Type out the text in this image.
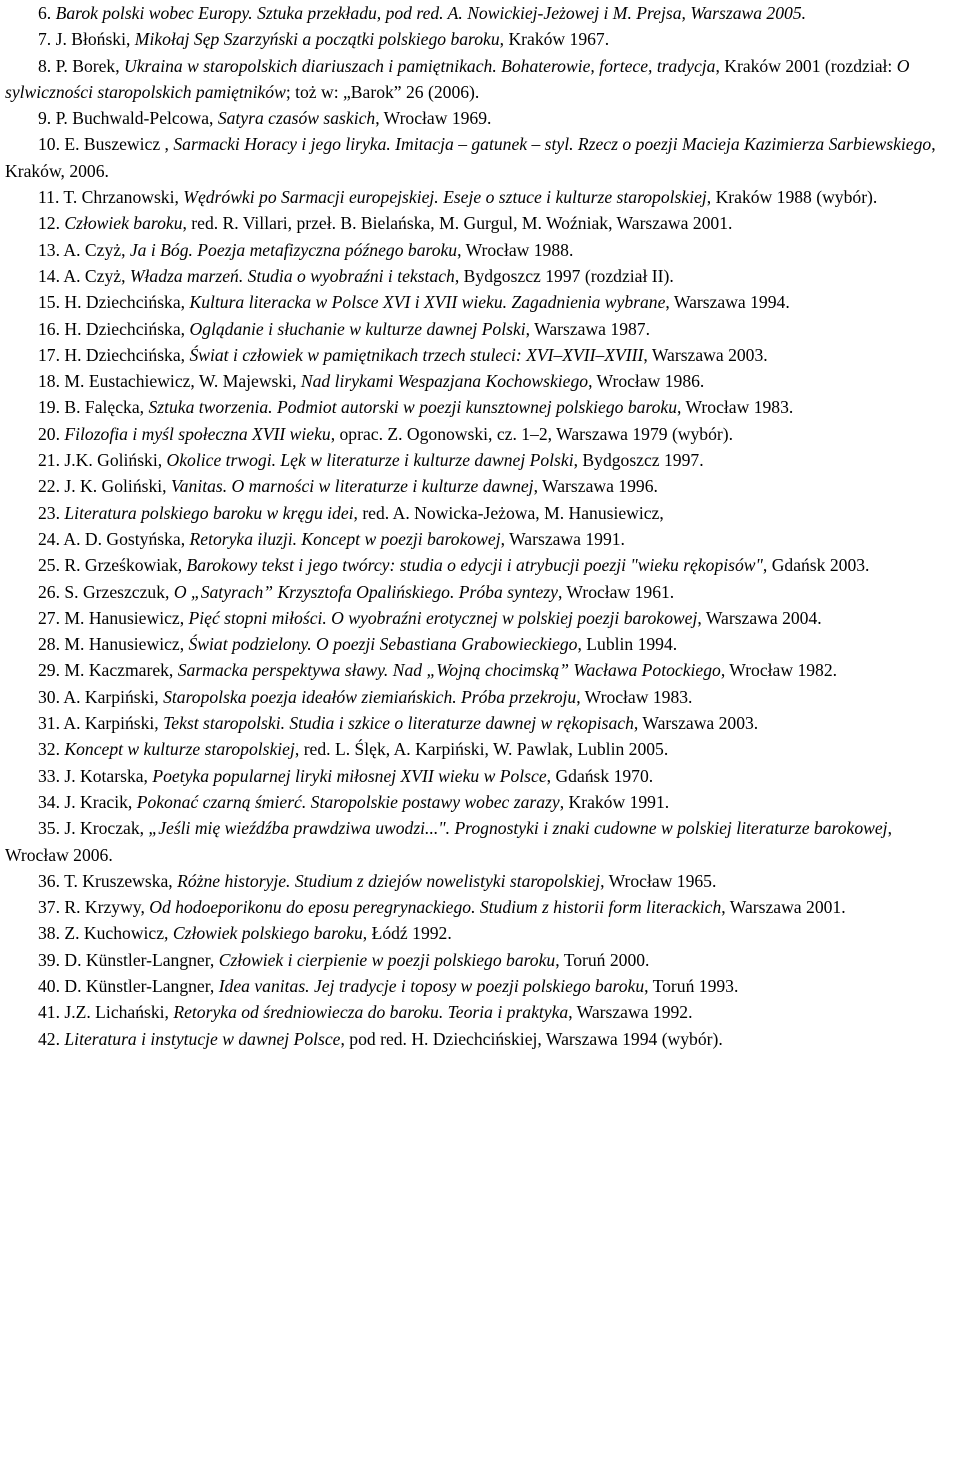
6. Barok polski wobec Europy. Sztuka przekładu, pod red. A. Nowickiej-Jeżowej i M. Prejsa, Warszawa 2005.

7. J. Błoński, Mikołaj Sęp Szarzyński a początki polskiego baroku, Kraków 1967.

8. P. Borek, Ukraina w staropolskich diariuszach i pamiętnikach. Bohaterowie, fortece, tradycja, Kraków 2001 (rozdział: O sylwiczności staropolskich pamiętników; toż w: „Barok” 26 (2006).

9. P. Buchwald-Pelcowa, Satyra czasów saskich, Wrocław 1969.

10. E. Buszewicz , Sarmacki Horacy i jego liryka. Imitacja – gatunek – styl. Rzecz o poezji Macieja Kazimierza Sarbiewskiego, Kraków, 2006.

11. T. Chrzanowski, Wędrówki po Sarmacji europejskiej. Eseje o sztuce i kulturze staropolskiej, Kraków 1988 (wybór).

12. Człowiek baroku, red. R. Villari, przeł. B. Bielańska, M. Gurgul, M. Woźniak, Warszawa 2001.

13. A. Czyż, Ja i Bóg. Poezja metafizyczna późnego baroku, Wrocław 1988.

14. A. Czyż, Władza marzeń. Studia o wyobraźni i tekstach, Bydgoszcz 1997 (rozdział II).

15. H. Dziechcińska, Kultura literacka w Polsce XVI i XVII wieku. Zagadnienia wybrane, Warszawa 1994.

16. H. Dziechcińska, Oglądanie i słuchanie w kulturze dawnej Polski, Warszawa 1987.

17. H. Dziechcińska, Świat i człowiek w pamiętnikach trzech stuleci: XVI–XVII–XVIII, Warszawa 2003.

18. M. Eustachiewicz, W. Majewski, Nad lirykami Wespazjana Kochowskiego, Wrocław 1986.

19. B. Falęcka, Sztuka tworzenia. Podmiot autorski w poezji kunsztownej polskiego baroku, Wrocław 1983.

20. Filozofia i myśl społeczna XVII wieku, oprac. Z. Ogonowski, cz. 1–2, Warszawa 1979 (wybór).

21. J.K. Goliński, Okolice trwogi. Lęk w literaturze i kulturze dawnej Polski, Bydgoszcz 1997.

22. J. K. Goliński, Vanitas. O marności w literaturze i kulturze dawnej, Warszawa 1996.

23. Literatura polskiego baroku w kręgu idei, red. A. Nowicka-Jeżowa, M. Hanusiewicz,

24. A. D. Gostyńska, Retoryka iluzji. Koncept w poezji barokowej, Warszawa 1991.

25. R. Grześkowiak, Barokowy tekst i jego twórcy: studia o edycji i atrybucji poezji "wieku rękopisów", Gdańsk 2003.

26. S. Grzeszczuk, O „Satyrach” Krzysztofa Opalińskiego. Próba syntezy, Wrocław 1961.

27. M. Hanusiewicz, Pięć stopni miłości. O wyobraźni erotycznej w polskiej poezji barokowej, Warszawa 2004.

28. M. Hanusiewicz, Świat podzielony. O poezji Sebastiana Grabowieckiego, Lublin 1994.

29. M. Kaczmarek, Sarmacka perspektywa sławy. Nad „Wojną chocimską” Wacława Potockiego, Wrocław 1982.

30. A. Karpiński, Staropolska poezja ideałów ziemiańskich. Próba przekroju, Wrocław 1983.

31. A. Karpiński, Tekst staropolski. Studia i szkice o literaturze dawnej w rękopisach, Warszawa 2003.

32. Koncept w kulturze staropolskiej, red. L. Ślęk, A. Karpiński, W. Pawlak, Lublin 2005.

33. J. Kotarska, Poetyka popularnej liryki miłosnej XVII wieku w Polsce, Gdańsk 1970.

34. J. Kracik, Pokonać czarną śmierć. Staropolskie postawy wobec zarazy, Kraków 1991.

35. J. Kroczak, „Jeśli mię wieźdźba prawdziwa uwodzi...". Prognostyki i znaki cudowne w polskiej literaturze barokowej, Wrocław 2006.

36. T. Kruszewska, Różne historyje. Studium z dziejów nowelistyki staropolskiej, Wrocław 1965.

37. R. Krzywy, Od hodoeporikonu do eposu peregrynackiego. Studium z historii form literackich, Warszawa 2001.

38. Z. Kuchowicz, Człowiek polskiego baroku, Łódź 1992.

39. D. Künstler-Langner, Człowiek i cierpienie w poezji polskiego baroku, Toruń 2000.

40. D. Künstler-Langner, Idea vanitas. Jej tradycje i toposy w poezji polskiego baroku, Toruń 1993.

41. J.Z. Lichański, Retoryka od średniowiecza do baroku. Teoria i praktyka, Warszawa 1992.

42. Literatura i instytucje w dawnej Polsce, pod red. H. Dziechcińskiej, Warszawa 1994 (wybór).
